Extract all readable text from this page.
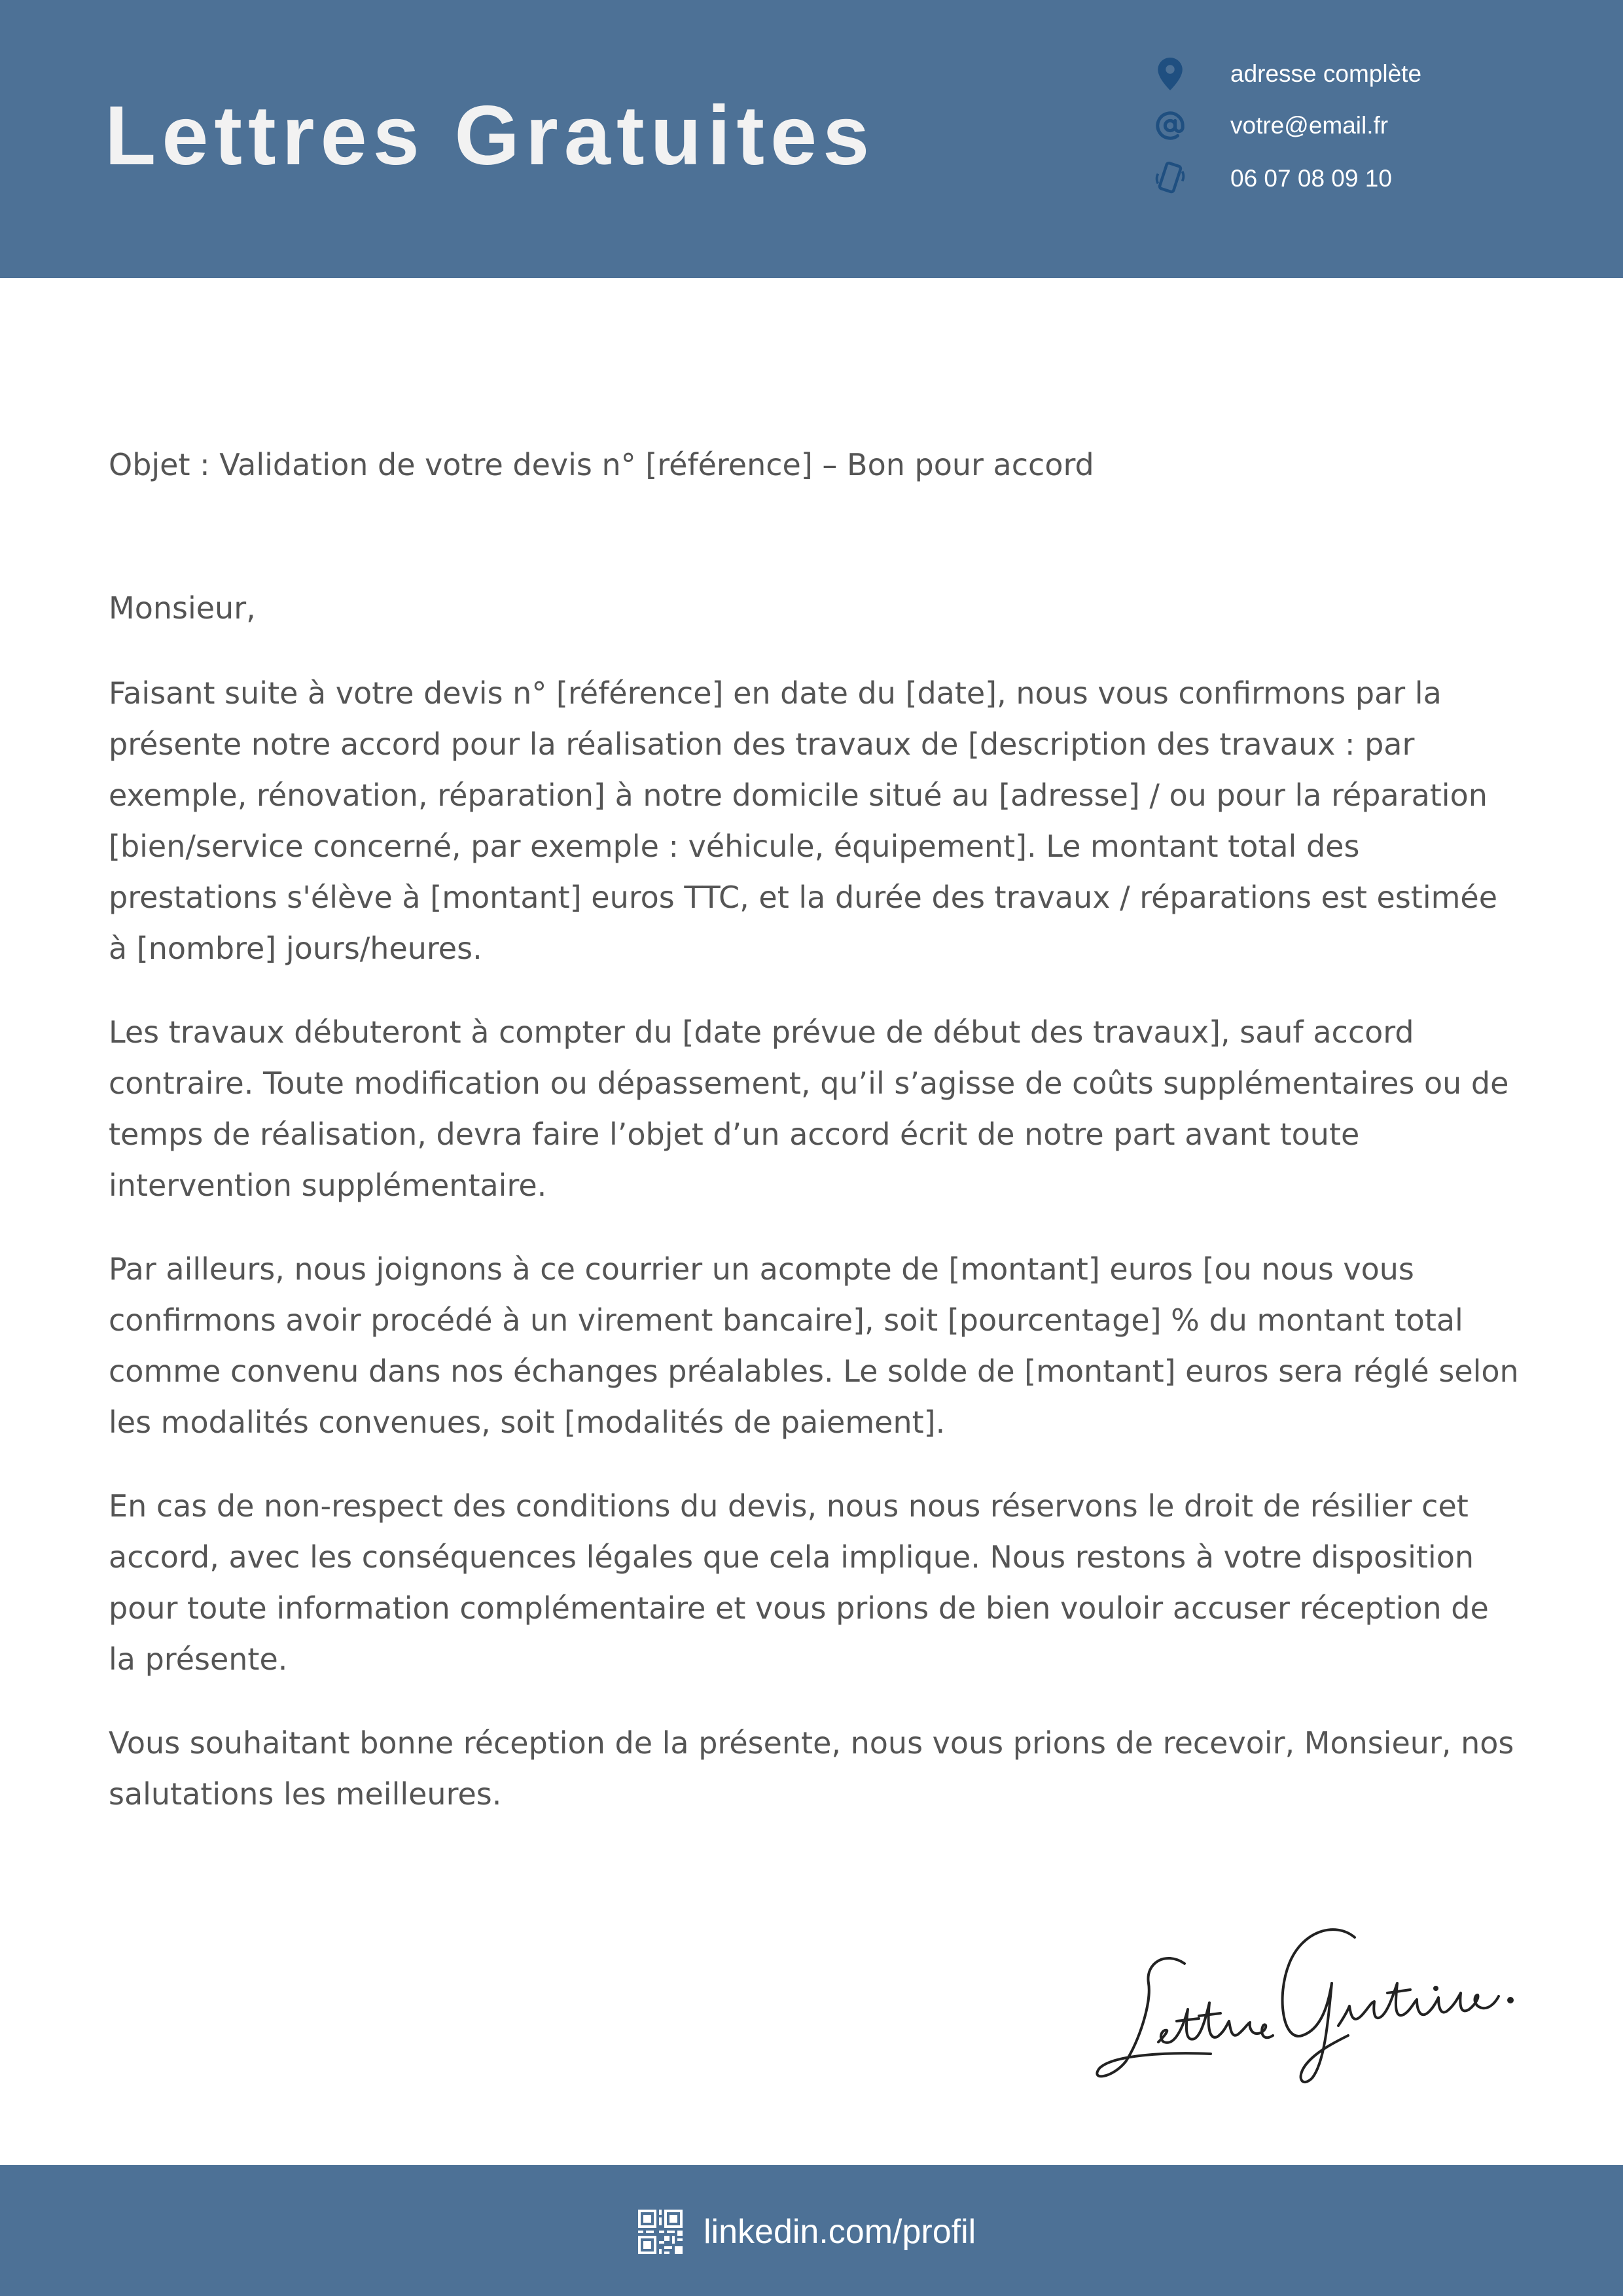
Lettres Gratuites
adresse complète
votre@email.fr
06 07 08 09 10
Objet : Validation de votre devis n° [référence] – Bon pour accord
Monsieur,

Faisant suite à votre devis n° [référence] en date du [date], nous vous confirmons par la présente notre accord pour la réalisation des travaux de [description des travaux : par exemple, rénovation, réparation] à notre domicile situé au [adresse] / ou pour la réparation [bien/service concerné, par exemple : véhicule, équipement]. Le montant total des prestations s'élève à [montant] euros TTC, et la durée des travaux / réparations est estimée à [nombre] jours/heures.

Les travaux débuteront à compter du [date prévue de début des travaux], sauf accord contraire. Toute modification ou dépassement, qu’il s’agisse de coûts supplémentaires ou de temps de réalisation, devra faire l’objet d’un accord écrit de notre part avant toute intervention supplémentaire.

Par ailleurs, nous joignons à ce courrier un acompte de [montant] euros [ou nous vous confirmons avoir procédé à un virement bancaire], soit [pourcentage] % du montant total comme convenu dans nos échanges préalables. Le solde de [montant] euros sera réglé selon les modalités convenues, soit [modalités de paiement].

En cas de non-respect des conditions du devis, nous nous réservons le droit de résilier cet accord, avec les conséquences légales que cela implique. Nous restons à votre disposition pour toute information complémentaire et vous prions de bien vouloir accuser réception de la présente.

Vous souhaitant bonne réception de la présente, nous vous prions de recevoir, Monsieur, nos salutations les meilleures.

linkedin.com/profil
